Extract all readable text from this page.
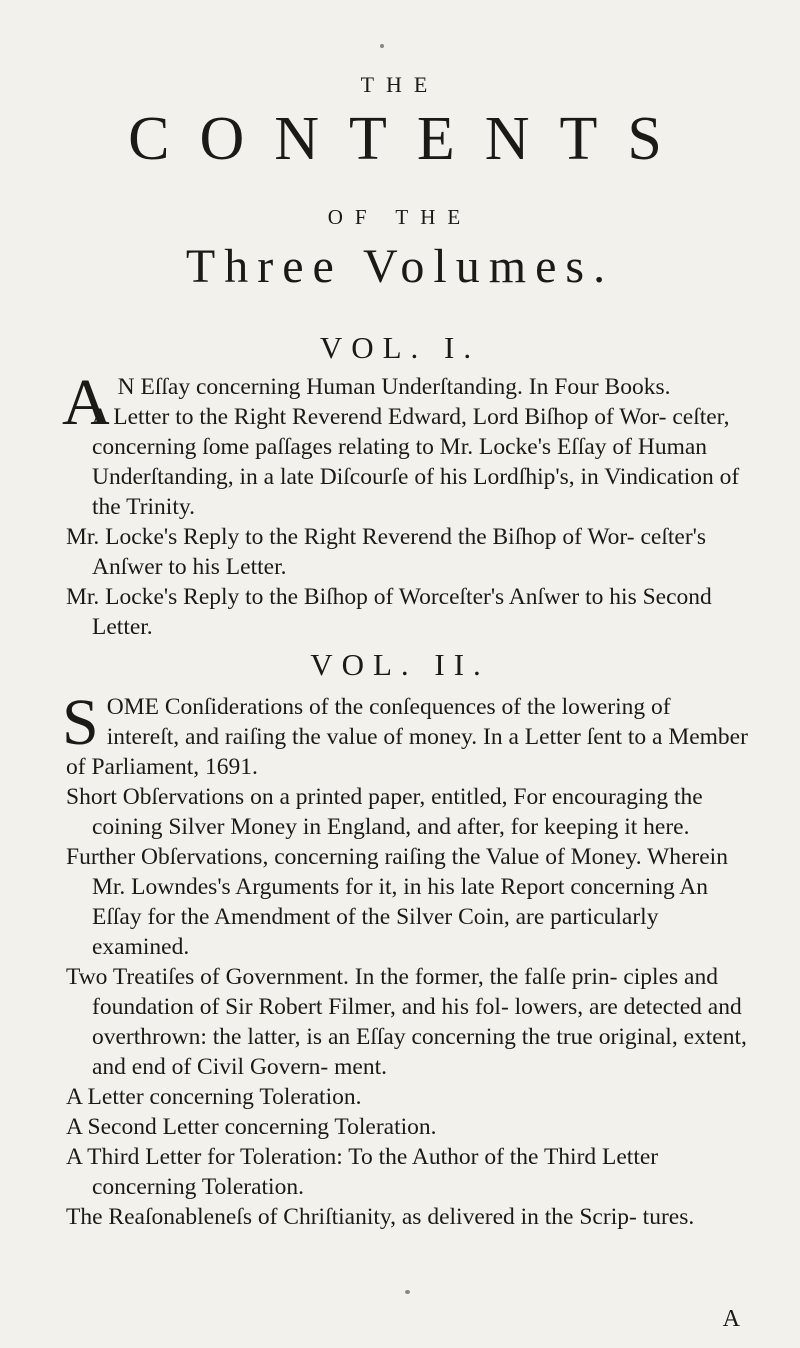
THE
CONTENTS
OF THE
Three Volumes.
VOL. I.

A N Eſſay concerning Human Underſtanding. In Four Books.

A Letter to the Right Reverend Edward, Lord Biſhop of Wor- ceſter, concerning ſome paſſages relating to Mr. Locke's Eſſay of Human Underſtanding, in a late Diſcourſe of his Lordſhip's, in Vindication of the Trinity.

Mr. Locke's Reply to the Right Reverend the Biſhop of Wor- ceſter's Anſwer to his Letter.

Mr. Locke's Reply to the Biſhop of Worceſter's Anſwer to his Second Letter.

VOL. II.

SOME Conſiderations of the conſequences of the lowering of intereſt, and raiſing the value of money. In a Letter ſent to a Member of Parliament, 1691.

Short Obſervations on a printed paper, entitled, For encouraging the coining Silver Money in England, and after, for keeping it here.

Further Obſervations, concerning raiſing the Value of Money. Wherein Mr. Lowndes's Arguments for it, in his late Report concerning An Eſſay for the Amendment of the Silver Coin, are particularly examined.

Two Treatiſes of Government. In the former, the falſe prin- ciples and foundation of Sir Robert Filmer, and his fol- lowers, are detected and overthrown: the latter, is an Eſſay concerning the true original, extent, and end of Civil Govern- ment.

A Letter concerning Toleration.

A Second Letter concerning Toleration.

A Third Letter for Toleration: To the Author of the Third Letter concerning Toleration.

The Reaſonableneſs of Chriſtianity, as delivered in the Scrip- tures.

A
